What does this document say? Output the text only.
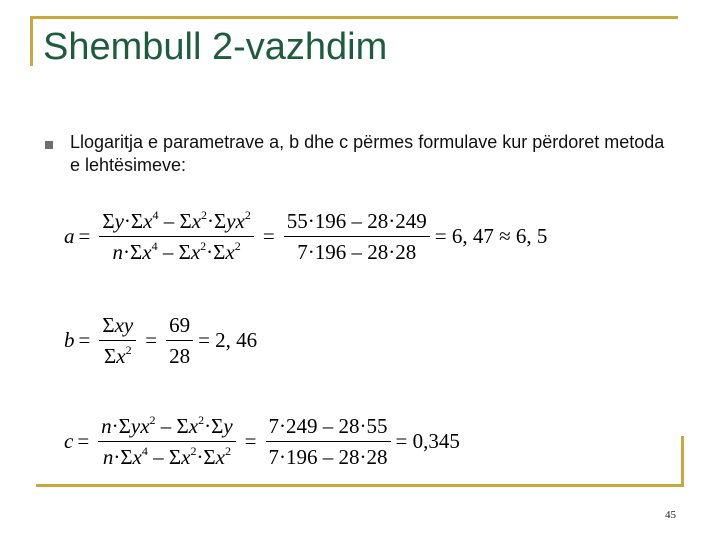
Shembull 2-vazhdim
Llogaritja e parametrave a, b dhe c përmes formulave kur përdoret metoda e lehtësimeve:
$a = \frac{\Sigma y\cdot\Sigma x^4 - \Sigma x^2\cdot\Sigma yx^2}{n\cdot\Sigma x^4 - \Sigma x^2\cdot\Sigma x^2} = \frac{55\cdot 196 - 28\cdot 249}{7\cdot 196 - 28\cdot 28} = 6$, 47 ≈ 6, 5
$b = \frac{\text{Σxy}}{\Sigma x^2} = \frac{69}{28} = 2$, 46
$c = \frac{n\cdot\Sigma yx^2 - \Sigma x^2\cdot\Sigma y}{n\cdot\Sigma x^4 - \Sigma x^2\cdot\Sigma x^2} = \frac{7\cdot 249 - 28\cdot 55}{7\cdot 196 - 28\cdot 28} = 0,345$
45
